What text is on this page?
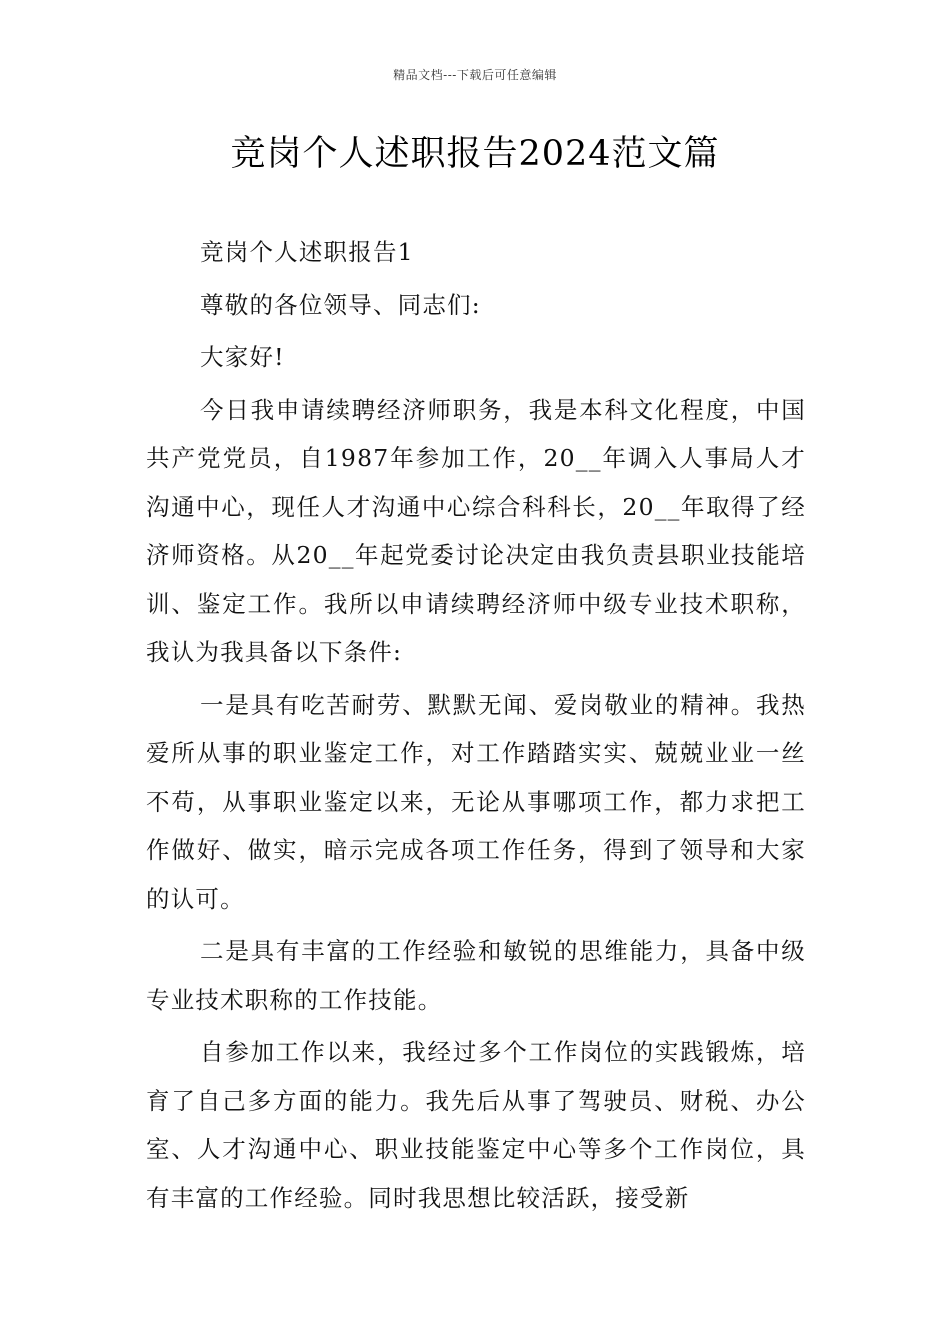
精品文档---下载后可任意编辑
竞岗个人述职报告2024范文篇

竞岗个人述职报告1

尊敬的各位领导、同志们:

大家好!

今日我申请续聘经济师职务，我是本科文化程度，中国共产党党员，自1987年参加工作，20__年调入人事局人才沟通中心，现任人才沟通中心综合科科长，20__年取得了经济师资格。从20__年起党委讨论决定由我负责县职业技能培训、鉴定工作。我所以申请续聘经济师中级专业技术职称，我认为我具备以下条件:

一是具有吃苦耐劳、默默无闻、爱岗敬业的精神。我热爱所从事的职业鉴定工作，对工作踏踏实实、兢兢业业一丝不苟，从事职业鉴定以来，无论从事哪项工作，都力求把工作做好、做实，暗示完成各项工作任务，得到了领导和大家的认可。

二是具有丰富的工作经验和敏锐的思维能力，具备中级专业技术职称的工作技能。

自参加工作以来，我经过多个工作岗位的实践锻炼，培育了自己多方面的能力。我先后从事了驾驶员、财税、办公室、人才沟通中心、职业技能鉴定中心等多个工作岗位，具有丰富的工作经验。同时我思想比较活跃，接受新
